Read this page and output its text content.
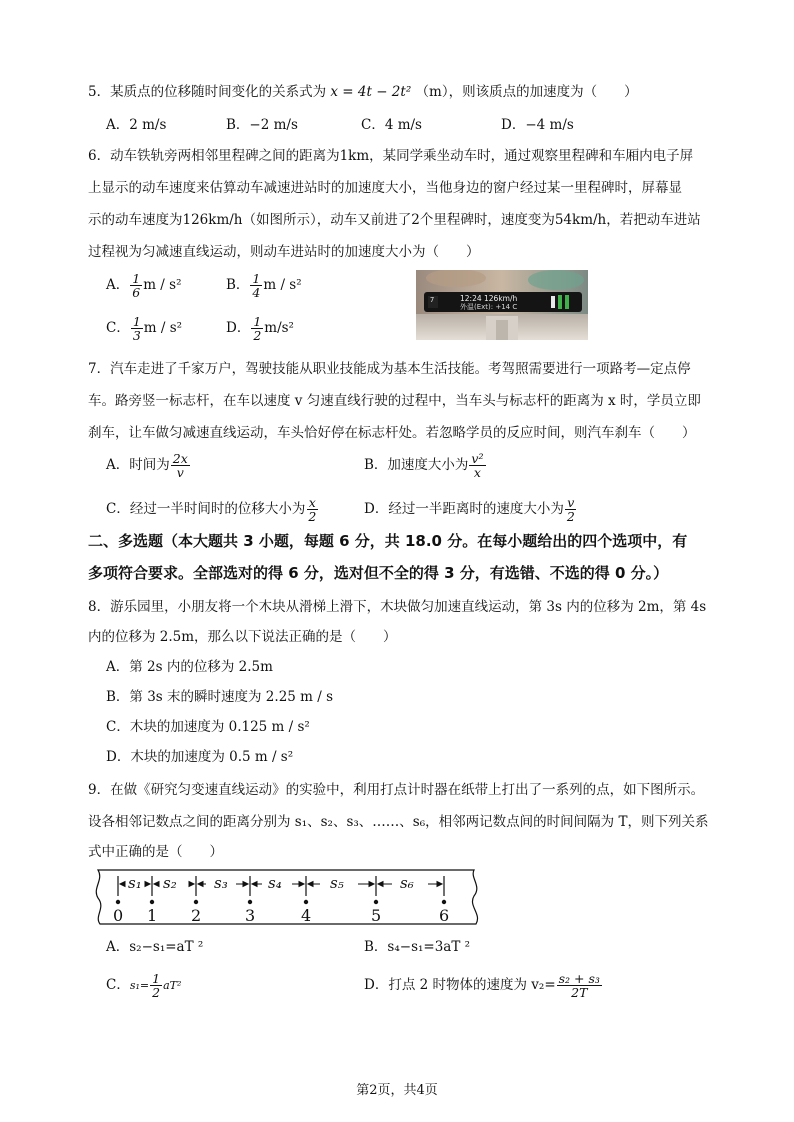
5．某质点的位移随时间变化的关系式为 x = 4t − 2t² （m），则该质点的加速度为（　　）
A．2 m/s	B．−2 m/s	C．4 m/s	D．−4 m/s
6．动车铁轨旁两相邻里程碑之间的距离为1km，某同学乘坐动车时，通过观察里程碑和车厢内电子屏
上显示的动车速度来估算动车减速进站时的加速度大小，当他身边的窗户经过某一里程碑时，屏幕显
示的动车速度为126km/h（如图所示），动车又前进了2个里程碑时，速度变为54km/h，若把动车进站
过程视为匀减速直线运动，则动车进站时的加速度大小为（　　）
A． $\frac{1}{6}$ m / s²	B． $\frac{1}{4}$ m / s²
C． $\frac{1}{3}$ m / s²	D． $\frac{1}{2} m/s^2$
7	12:24 126km/h
外温(Ext): +14 C
7．汽车走进了千家万户，驾驶技能从职业技能成为基本生活技能。考驾照需要进行一项路考—定点停
车。路旁竖一标志杆，在车以速度 v 匀速直线行驶的过程中，当车头与标志杆的距离为 x 时，学员立即
刹车，让车做匀减速直线运动，车头恰好停在标志杆处。若忽略学员的反应时间，则汽车刹车（　　）
A．时间为 $\frac{2x}{v}$	B．加速度大小为 $\frac{\text{v²}}{x}$
C．经过一半时间时的位移大小为 $\frac{x}{2}$	D．经过一半距离时的速度大小为 $\frac{v}{2}$
二、多选题（本大题共 3 小题，每题 6 分，共 18.0 分。在每小题给出的四个选项中，有
多项符合要求。全部选对的得 6 分，选对但不全的得 3 分，有选错、不选的得 0 分。）
8．游乐园里，小朋友将一个木块从滑梯上滑下，木块做匀加速直线运动，第 3s 内的位移为 2m，第 4s
内的位移为 2.5m，那么以下说法正确的是（　　）
A．第 2s 内的位移为 2.5m
B．第 3s 末的瞬时速度为 2.25 m / s
C．木块的加速度为 0.125 m / s²
D．木块的加速度为 0.5 m / s²
9．在做《研究匀变速直线运动》的实验中，利用打点计时器在纸带上打出了一系列的点，如下图所示。
设各相邻记数点之间的距离分别为 s₁、s₂、s₃、……、s₆，相邻两记数点间的时间间隔为 T，则下列关系
式中正确的是（　　）
s₁ s₂ s₃	s₄	s₅	s₆
0 1 2	3	4	5	6
A．s₂−s₁=aT ²	B．s₄−s₁=3aT ²
C．$s_1= \frac{1}{2} aT^2$	D．打点 2 时物体的速度为 $v_2= \frac{\text{s₂ + s₃}}{2T}$
第2页，共4页
